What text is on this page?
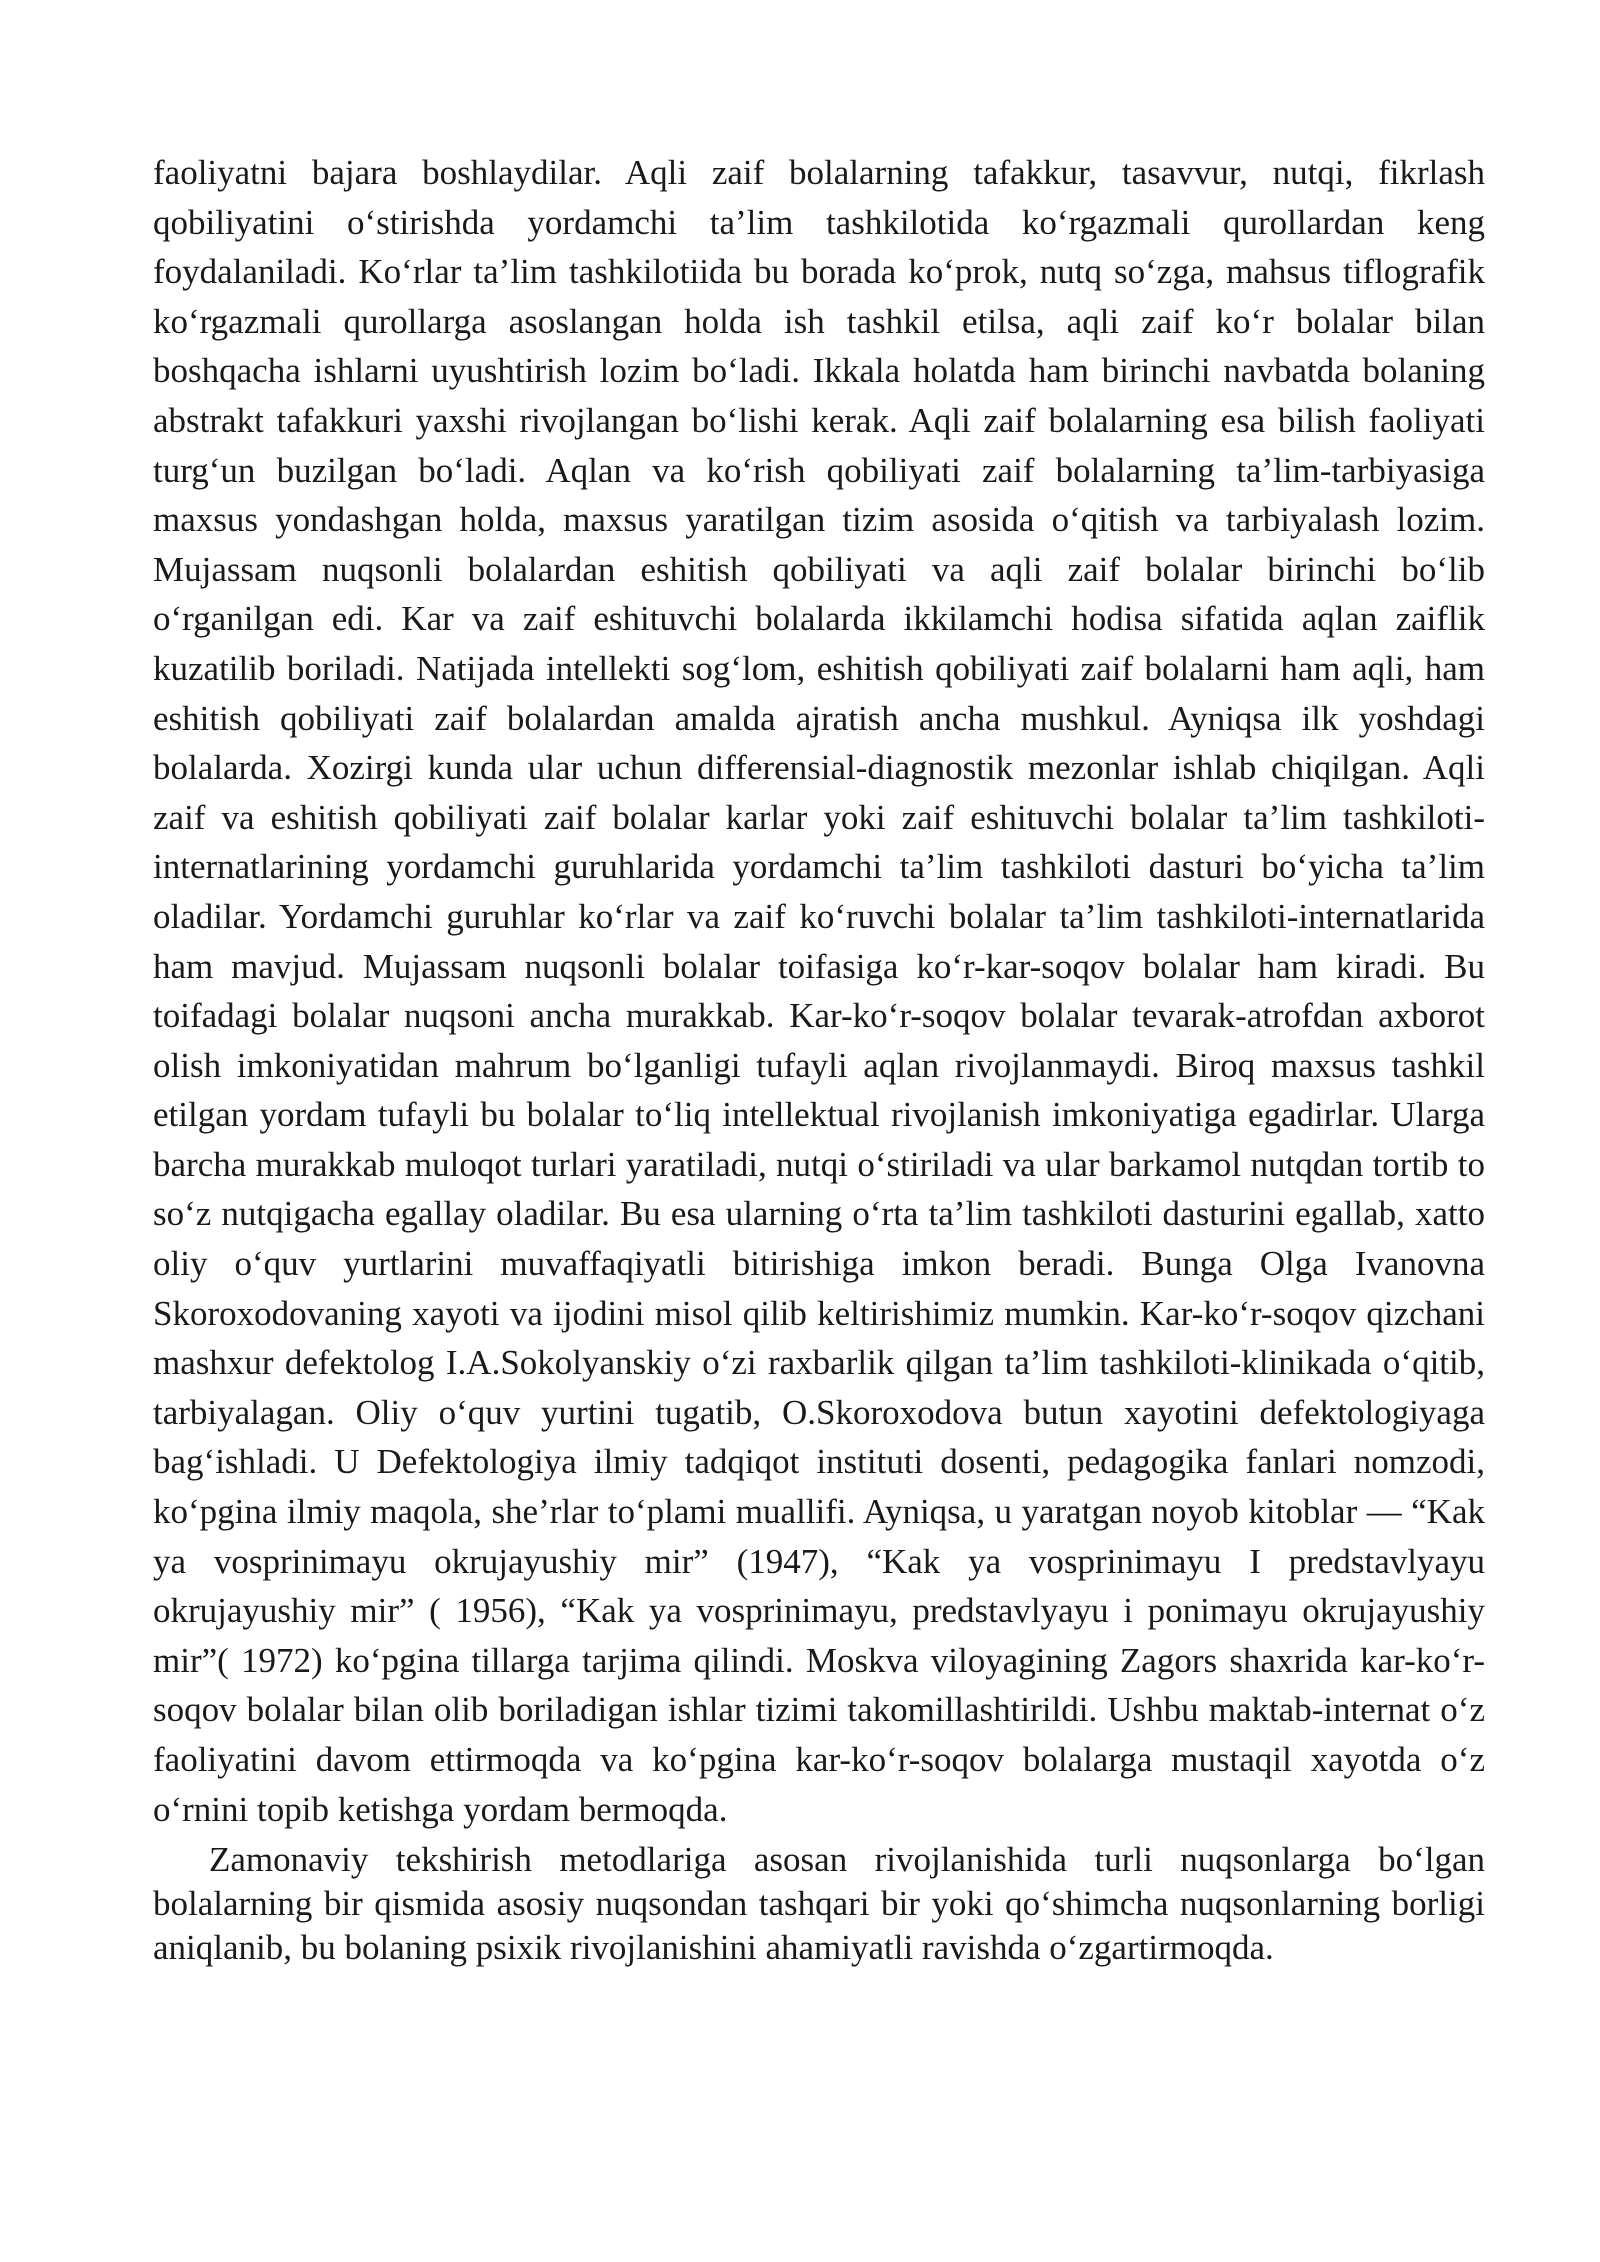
faoliyatni bajara boshlaydilar. Aqli zaif bolalarning tafakkur, tasavvur, nutqi, fikrlash qobiliyatini o‘stirishda yordamchi ta’lim tashkilotida ko‘rgazmali qurollardan keng foydalaniladi. Ko‘rlar ta’lim tashkilotiida bu borada ko‘prok, nutq so‘zga, mahsus tiflografik ko‘rgazmali qurollarga asoslangan holda ish tashkil etilsa, aqli zaif ko‘r bolalar bilan boshqacha ishlarni uyushtirish lozim bo‘ladi. Ikkala holatda ham birinchi navbatda bolaning abstrakt tafakkuri yaxshi rivojlangan bo‘lishi kerak. Aqli zaif bolalarning esa bilish faoliyati turg‘un buzilgan bo‘ladi. Aqlan va ko‘rish qobiliyati zaif bolalarning ta’lim-tarbiyasiga maxsus yondashgan holda, maxsus yaratilgan tizim asosida o‘qitish va tarbiyalash lozim. Mujassam nuqsonli bolalardan eshitish qobiliyati va aqli zaif bolalar birinchi bo‘lib o‘rganilgan edi. Kar va zaif eshituvchi bolalarda ikkilamchi hodisa sifatida aqlan zaiflik kuzatilib boriladi. Natijada intellekti sog‘lom, eshitish qobiliyati zaif bolalarni ham aqli, ham eshitish qobiliyati zaif bolalardan amalda ajratish ancha mushkul. Ayniqsa ilk yoshdagi bolalarda. Xozirgi kunda ular uchun differensial-diagnostik mezonlar ishlab chiqilgan. Aqli zaif va eshitish qobiliyati zaif bolalar karlar yoki zaif eshituvchi bolalar ta’lim tashkiloti-internatlarining yordamchi guruhlarida yordamchi ta’lim tashkiloti dasturi bo‘yicha ta’lim oladilar. Yordamchi guruhlar ko‘rlar va zaif ko‘ruvchi bolalar ta’lim tashkiloti-internatlarida ham mavjud. Mujassam nuqsonli bolalar toifasiga ko‘r-kar-soqov bolalar ham kiradi. Bu toifadagi bolalar nuqsoni ancha murakkab. Kar-ko‘r-soqov bolalar tevarak-atrofdan axborot olish imkoniyatidan mahrum bo‘lganligi tufayli aqlan rivojlanmaydi. Biroq maxsus tashkil etilgan yordam tufayli bu bolalar to‘liq intellektual rivojlanish imkoniyatiga egadirlar. Ularga barcha murakkab muloqot turlari yaratiladi, nutqi o‘stiriladi va ular barkamol nutqdan tortib to so‘z nutqigacha egallay oladilar. Bu esa ularning o‘rta ta’lim tashkiloti dasturini egallab, xatto oliy o‘quv yurtlarini muvaffaqiyatli bitirishiga imkon beradi. Bunga Olga Ivanovna Skoroxodovaning xayoti va ijodini misol qilib keltirishimiz mumkin. Kar-ko‘r-soqov qizchani mashxur defektolog I.A.Sokolyanskiy o‘zi raxbarlik qilgan ta’lim tashkiloti-klinikada o‘qitib, tarbiyalagan. Oliy o‘quv yurtini tugatib, O.Skoroxodova butun xayotini defektologiyaga bag‘ishladi. U Defektologiya ilmiy tadqiqot instituti dosenti, pedagogika fanlari nomzodi, ko‘pgina ilmiy maqola, she’rlar to‘plami muallifi. Ayniqsa, u yaratgan noyob kitoblar — “Kak ya vosprinimayu okrujayushiy mir” (1947), “Kak ya vosprinimayu I predstavlyayu okrujayushiy mir” ( 1956), “Kak ya vosprinimayu, predstavlyayu i ponimayu okrujayushiy mir”( 1972) ko‘pgina tillarga tarjima qilindi. Moskva viloyagining Zagors shaxrida kar-ko‘r-soqov bolalar bilan olib boriladigan ishlar tizimi takomillashtirildi. Ushbu maktab-internat o‘z faoliyatini davom ettirmoqda va ko‘pgina kar-ko‘r-soqov bolalarga mustaqil xayotda o‘z o‘rnini topib ketishga yordam bermoqda.

Zamonaviy tekshirish metodlariga asosan rivojlanishida turli nuqsonlarga bo‘lgan bolalarning bir qismida asosiy nuqsondan tashqari bir yoki qo‘shimcha nuqsonlarning borligi aniqlanib, bu bolaning psixik rivojlanishini ahamiyatli ravishda o‘zgartirmoqda.
